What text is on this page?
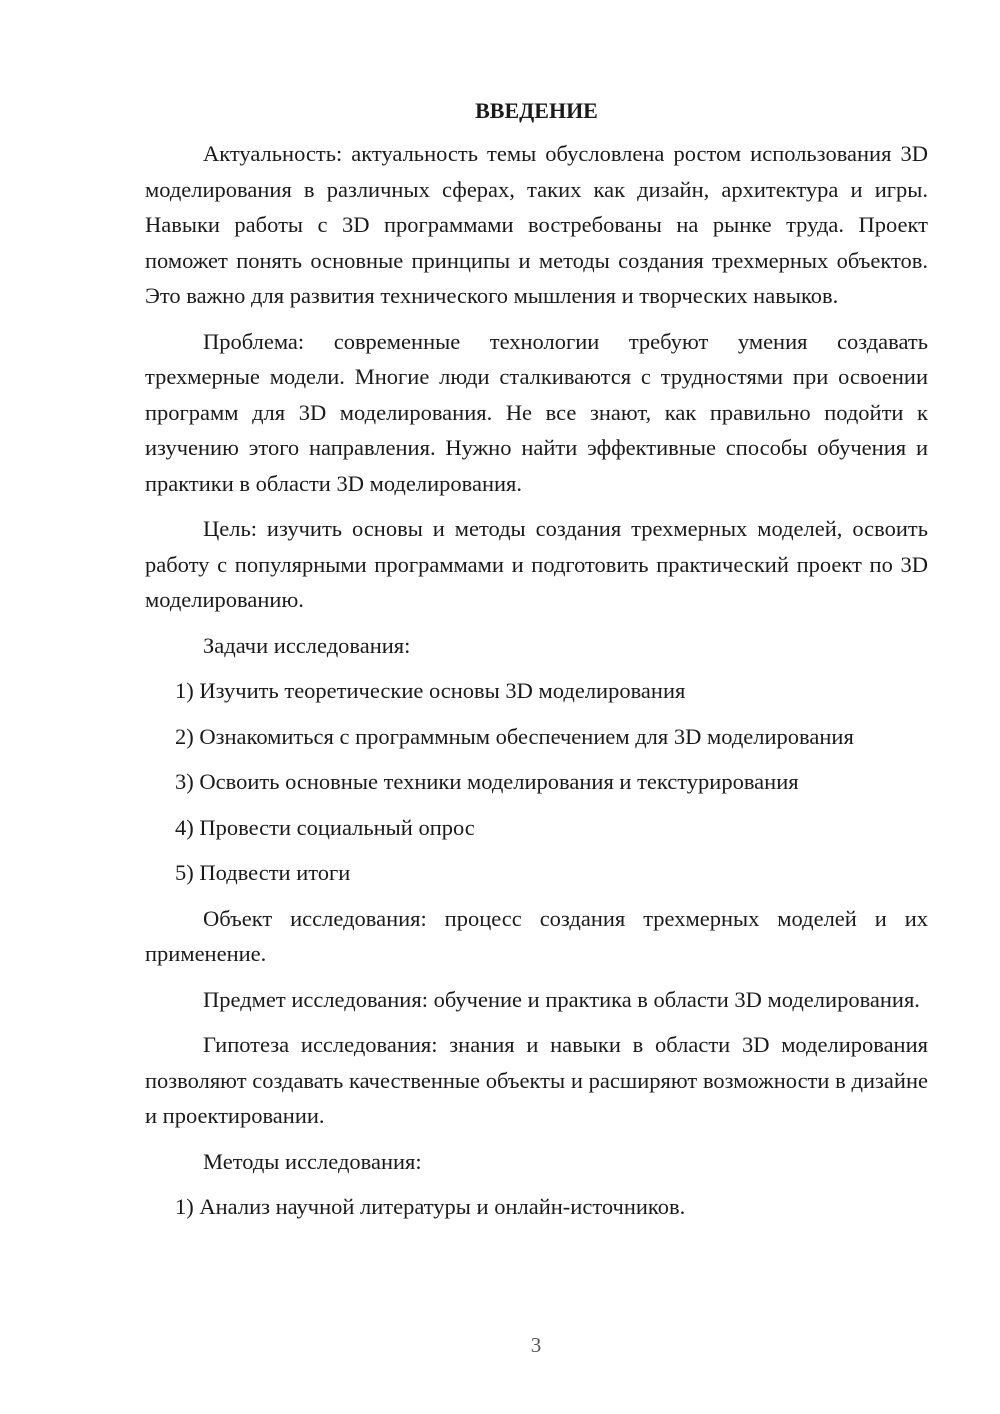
ВВЕДЕНИЕ
Актуальность: актуальность темы обусловлена ростом использования 3D моделирования в различных сферах, таких как дизайн, архитектура и игры. Навыки работы с 3D программами востребованы на рынке труда. Проект поможет понять основные принципы и методы создания трехмерных объектов. Это важно для развития технического мышления и творческих навыков.
Проблема: современные технологии требуют умения создавать трехмерные модели. Многие люди сталкиваются с трудностями при освоении программ для 3D моделирования. Не все знают, как правильно подойти к изучению этого направления. Нужно найти эффективные способы обучения и практики в области 3D моделирования.
Цель: изучить основы и методы создания трехмерных моделей, освоить работу с популярными программами и подготовить практический проект по 3D моделированию.
Задачи исследования:
1) Изучить теоретические основы 3D моделирования
2) Ознакомиться с программным обеспечением для 3D моделирования
3) Освоить основные техники моделирования и текстурирования
4) Провести социальный опрос
5) Подвести итоги
Объект исследования: процесс создания трехмерных моделей и их применение.
Предмет исследования: обучение и практика в области 3D моделирования.
Гипотеза исследования: знания и навыки в области 3D моделирования позволяют создавать качественные объекты и расширяют возможности в дизайне и проектировании.
Методы исследования:
1) Анализ научной литературы и онлайн-источников.
3
